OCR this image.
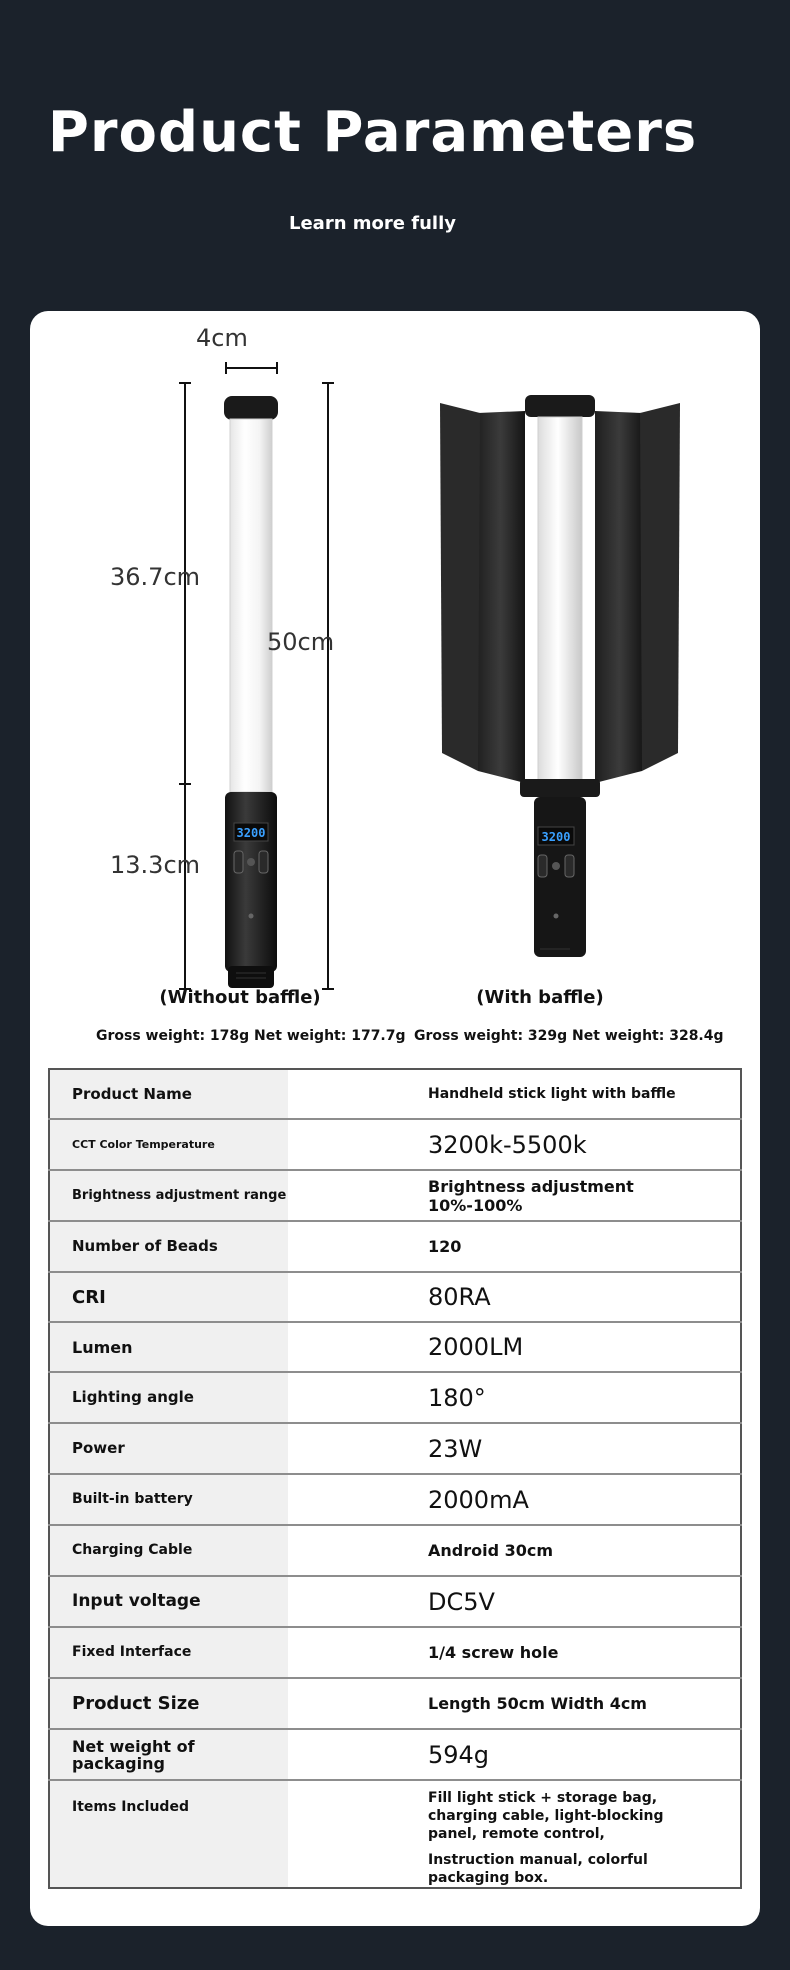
Product Parameters
Learn more fully
3200
4cm
36.7cm
13.3cm
50cm
3200
(Without baffle)	(With baffle)
Gross weight: 178g Net weight: 177.7g Gross weight: 329g Net weight: 328.4g
Product Name		Handheld stick light with baffle
CCT Color Temperature		3200k-5500k
Brightness adjustment range		Brightness adjustment 10%-100%
Number of Beads		120
CRI		80RA
Lumen		2000LM
Lighting angle		180°
Power		23W
Built-in battery		2000mA
Charging Cable		Android 30cm
Input voltage		DC5V
Fixed Interface		1/4 screw hole
Product Size		Length 50cm Width 4cm
Net weight of packaging		594g
Items Included		Fill light stick + storage bag, charging cable, light-blocking panel, remote control,
Instruction manual, colorful packaging box.
